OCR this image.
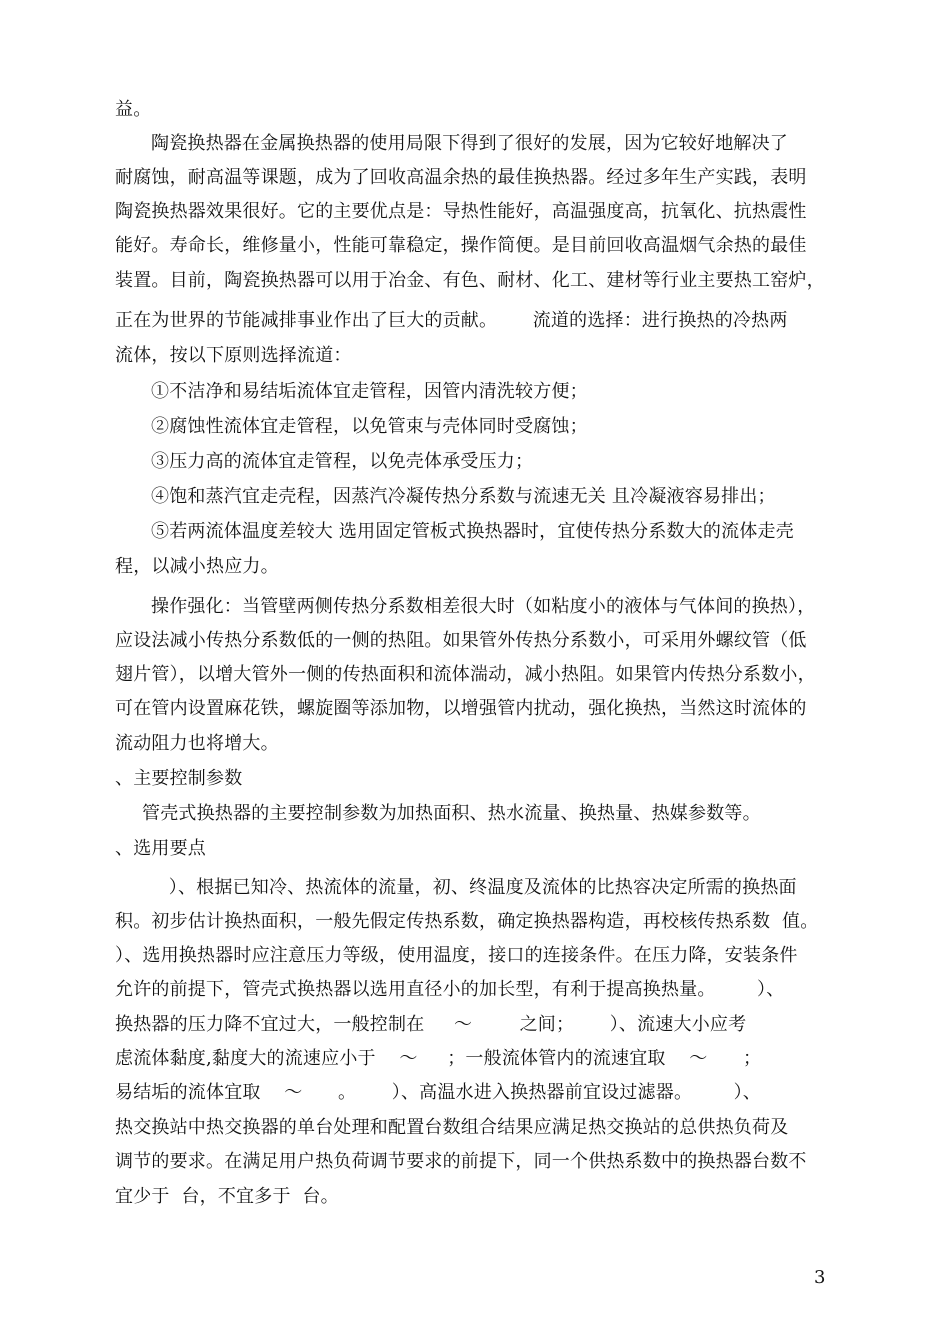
益。
陶瓷换热器在金属换热器的使用局限下得到了很好的发展，因为它较好地解决了
耐腐蚀，耐高温等课题，成为了回收高温余热的最佳换热器。经过多年生产实践，表明
陶瓷换热器效果很好。它的主要优点是：导热性能好，高温强度高，抗氧化、抗热震性
能好。寿命长，维修量小，性能可靠稳定，操作简便。是目前回收高温烟气余热的最佳
装置。目前，陶瓷换热器可以用于冶金、有色、耐材、化工、建材等行业主要热工窑炉，
正在为世界的节能减排事业作出了巨大的贡献。      流道的选择：进行换热的冷热两
流体，按以下原则选择流道：
①不洁净和易结垢流体宜走管程，因管内清洗较方便；
②腐蚀性流体宜走管程，以免管束与壳体同时受腐蚀；
③压力高的流体宜走管程，以免壳体承受压力；
④饱和蒸汽宜走壳程，因蒸汽冷凝传热分系数与流速无关 且冷凝液容易排出；
⑤若两流体温度差较大 选用固定管板式换热器时，宜使传热分系数大的流体走壳
程，以减小热应力。
操作强化：当管壁两侧传热分系数相差很大时（如粘度小的液体与气体间的换热），
应设法减小传热分系数低的一侧的热阻。如果管外传热分系数小，可采用外螺纹管（低
翅片管），以增大管外一侧的传热面积和流体湍动，减小热阻。如果管内传热分系数小，
可在管内设置麻花铁，螺旋圈等添加物，以增强管内扰动，强化换热，当然这时流体的
流动阻力也将增大。
、主要控制参数
管壳式换热器的主要控制参数为加热面积、热水流量、换热量、热媒参数等。
、选用要点
）、根据已知冷、热流体的流量，初、终温度及流体的比热容决定所需的换热面
积。初步估计换热面积，一般先假定传热系数，确定换热器构造，再校核传热系数  值。
）、选用换热器时应注意压力等级，使用温度，接口的连接条件。在压力降，安装条件
允许的前提下，管壳式换热器以选用直径小的加长型，有利于提高换热量。       ）、
换热器的压力降不宜过大，一般控制在     ～        之间；      ）、流速大小应考
虑流体黏度,黏度大的流速应小于    ～     ；一般流体管内的流速宜取    ～      ；
易结垢的流体宜取    ～      。      ）、高温水进入换热器前宜设过滤器。       ）、
热交换站中热交换器的单台处理和配置台数组合结果应满足热交换站的总供热负荷及
调节的要求。在满足用户热负荷调节要求的前提下，同一个供热系数中的换热器台数不
宜少于  台，不宜多于  台。
3
